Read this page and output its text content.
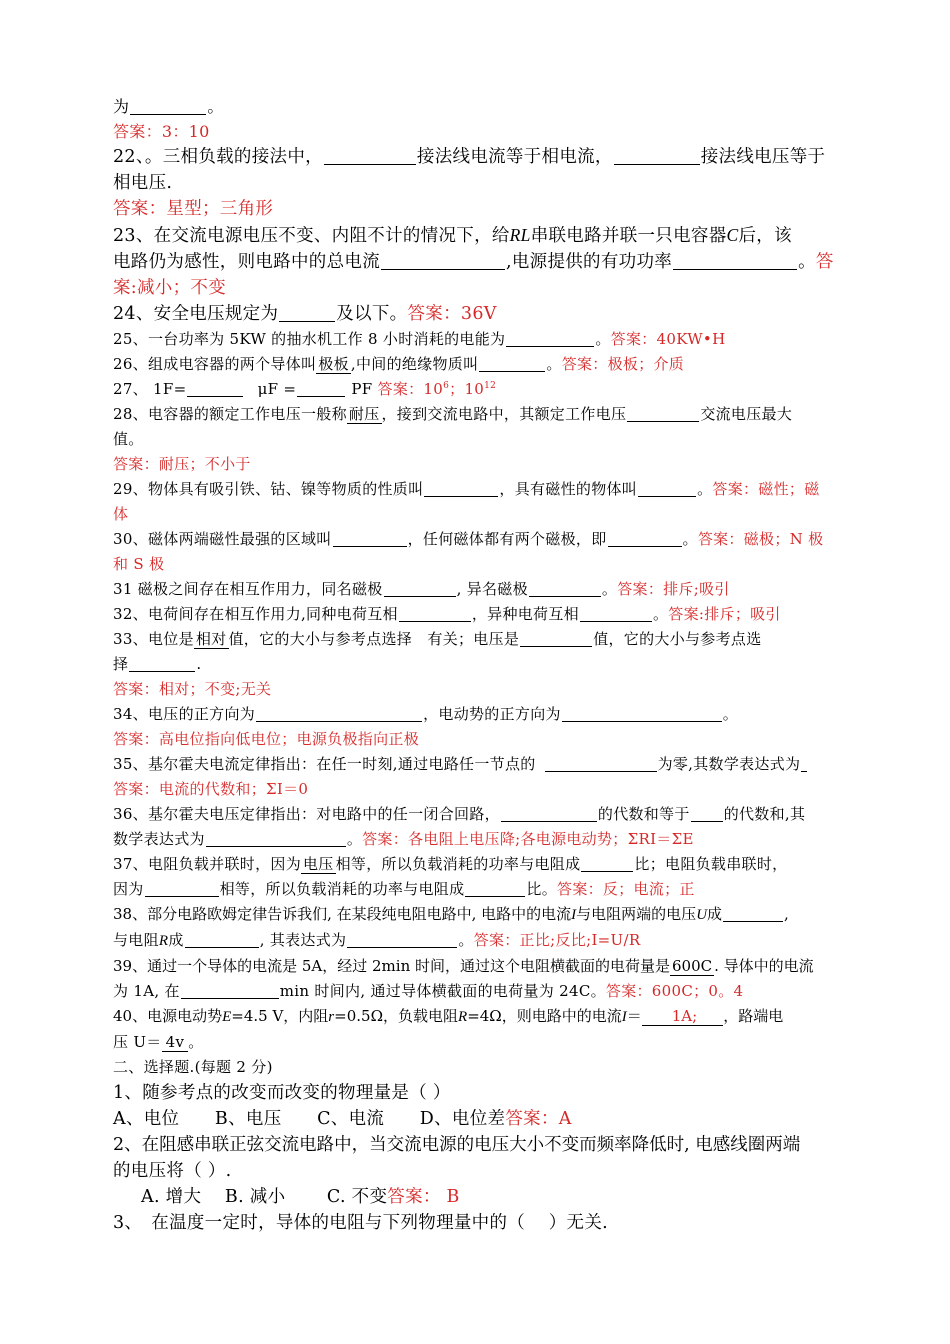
为	。
答案：3：10
22、。三相负载的接法中，	接法线电流等于相电流，	接法线电压等于
相电压.
答案：星型；三角形
23、在交流电源电压不变、内阻不计的情况下，给RL串联电路并联一只电容器C后，该
电路仍为感性，则电路中的总电流	,电源提供的有功功率	。答
案:减小；不变
24、安全电压规定为	及以下。答案：36V
25、一台功率为 5KW 的抽水机工作 8 小时消耗的电能为	。答案：40KW•H
26、组成电容器的两个导体叫 极板 ,中间的绝缘物质叫	。答案：极板；介质
27、 1F=	μF =	PF 答案：$10^6$；$10^{12}$
28、电容器的额定工作电压一般称 耐压 ，接到交流电路中，其额定工作电压	交流电压最大
值。
答案：耐压；不小于
29、物体具有吸引铁、钴、镍等物质的性质叫	，具有磁性的物体叫	。答案：磁性；磁
体
30、磁体两端磁性最强的区域叫	，任何磁体都有两个磁极，即	。答案：磁极；N 极
和 S 极
31 磁极之间存在相互作用力，同名磁极	, 异名磁极	。答案：排斥;吸引
32、电荷间存在相互作用力,同种电荷互相	，异种电荷互相	。答案:排斥；吸引
33、电位是 相对 值，它的大小与参考点选择　有关；电压是	值，它的大小与参考点选
择	.
答案：相对；不变;无关
34、电压的正方向为	，电动势的正方向为	。
答案：高电位指向低电位；电源负极指向正极
35、基尔霍夫电流定律指出：在任一时刻,通过电路任一节点的	为零,其数学表达式为
答案：电流的代数和；ΣI＝0
36、基尔霍夫电压定律指出：对电路中的任一闭合回路，	的代数和等于 的代数和,其
数学表达式为	。答案：各电阻上电压降;各电源电动势；ΣRI＝ΣE
37、电阻负载并联时，因为 电压 相等，所以负载消耗的功率与电阻成	比；电阻负载串联时，
因为	相等，所以负载消耗的功率与电阻成	比。答案：反；电流；正
38、部分电路欧姆定律告诉我们, 在某段纯电阻电路中, 电路中的电流I与电阻两端的电压U成	,
与电阻R成	, 其表达式为	。答案：正比;反比;I=U/R
39、通过一个导体的电流是 5A，经过 2min 时间，通过这个电阻横截面的电荷量是 600C . 导体中的电流
为 1A, 在	min 时间内, 通过导体横截面的电荷量为 24C。答案：600C；0。4
40、电源电动势E=4.5 V，内阻r=0.5Ω，负载电阻R=4Ω，则电路中的电流I＝ 1A; ，路端电
压 U＝ 4v 。
二、选择题.(每题 2 分)
1、随参考点的改变而改变的物理量是（ ）
A、电位　　B、电压　　C、电流　　D、电位差答案：A
2、在阻感串联正弦交流电路中，当交流电源的电压大小不变而频率降低时, 电感线圈两端
的电压将（ ）.
A. 增大　 B. 减小　　 C. 不变答案： B
3、　在温度一定时，导体的电阻与下列物理量中的（　 ）无关.
